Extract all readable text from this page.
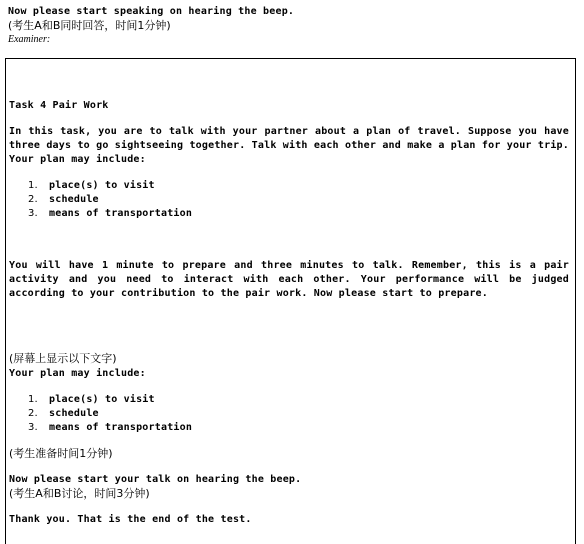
Now please start speaking on hearing the beep.
(考生A和B同时回答，时间1分钟)
Examiner:
Task 4 Pair Work

In this task, you are to talk with your partner about a plan of travel. Suppose you have three days to go sightseeing together. Talk with each other and make a plan for your trip. Your plan may include:

1. place(s) to visit
2. schedule
3. means of transportation

You will have 1 minute to prepare and three minutes to talk. Remember, this is a pair activity and you need to interact with each other. Your performance will be judged according to your contribution to the pair work. Now please start to prepare.

(屏幕上显示以下文字)
Your plan may include:
1. place(s) to visit
2. schedule
3. means of transportation
(考生准备时间1分钟)
Now please start your talk on hearing the beep.
(考生A和B讨论，时间3分钟)
Thank you. That is the end of the test.
